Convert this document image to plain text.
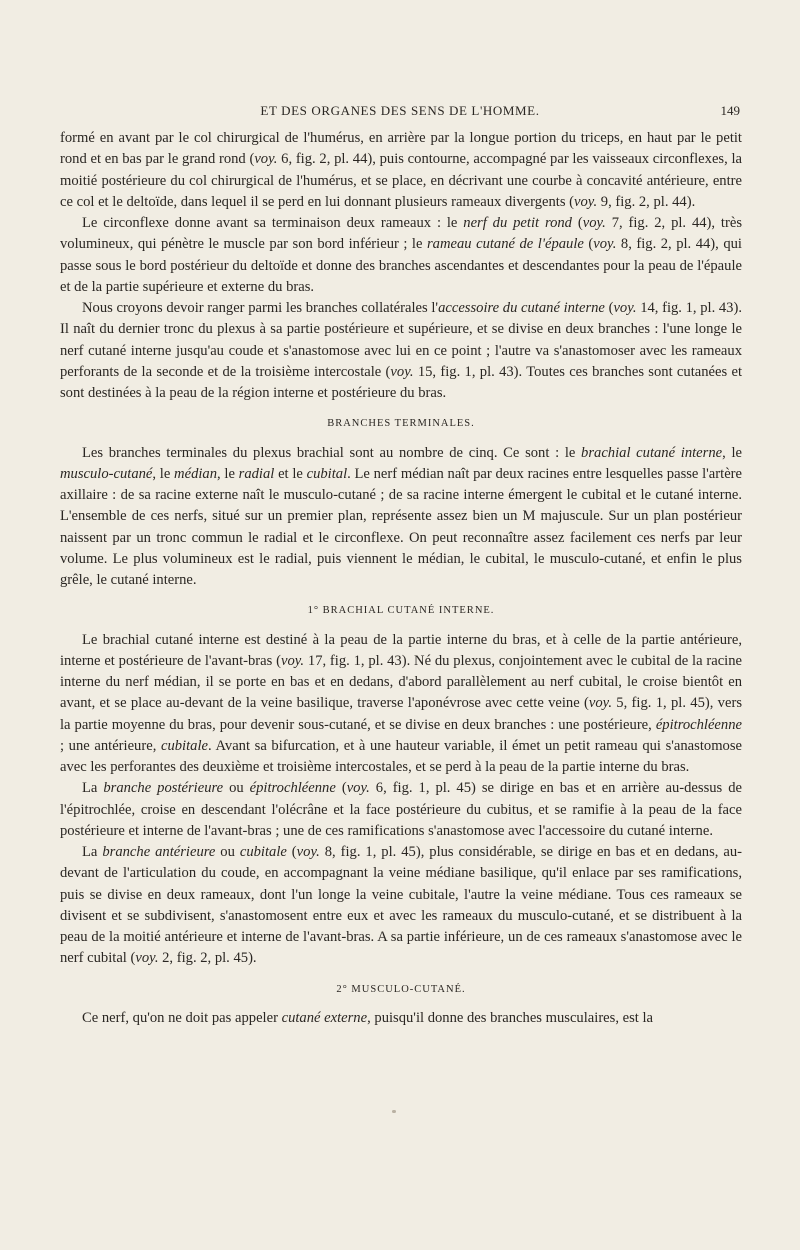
ET DES ORGANES DES SENS DE L'HOMME.	149

formé en avant par le col chirurgical de l'humérus, en arrière par la longue portion du triceps, en haut par le petit rond et en bas par le grand rond (voy. 6, fig. 2, pl. 44), puis contourne, accompagné par les vaisseaux circonflexes, la moitié postérieure du col chirurgical de l'humérus, et se place, en décrivant une courbe à concavité antérieure, entre ce col et le deltoïde, dans lequel il se perd en lui donnant plusieurs rameaux divergents (voy. 9, fig. 2, pl. 44).

Le circonflexe donne avant sa terminaison deux rameaux : le nerf du petit rond (voy. 7, fig. 2, pl. 44), très volumineux, qui pénètre le muscle par son bord inférieur ; le rameau cutané de l'épaule (voy. 8, fig. 2, pl. 44), qui passe sous le bord postérieur du deltoïde et donne des branches ascendantes et descendantes pour la peau de l'épaule et de la partie supérieure et externe du bras.

Nous croyons devoir ranger parmi les branches collatérales l'accessoire du cutané interne (voy. 14, fig. 1, pl. 43). Il naît du dernier tronc du plexus à sa partie postérieure et supérieure, et se divise en deux branches : l'une longe le nerf cutané interne jusqu'au coude et s'anastomose avec lui en ce point ; l'autre va s'anastomoser avec les rameaux perforants de la seconde et de la troisième intercostale (voy. 15, fig. 1, pl. 43). Toutes ces branches sont cutanées et sont destinées à la peau de la région interne et postérieure du bras.

BRANCHES TERMINALES.

Les branches terminales du plexus brachial sont au nombre de cinq. Ce sont : le brachial cutané interne, le musculo-cutané, le médian, le radial et le cubital. Le nerf médian naît par deux racines entre lesquelles passe l'artère axillaire : de sa racine externe naît le musculo-cutané ; de sa racine interne émergent le cubital et le cutané interne. L'ensemble de ces nerfs, situé sur un premier plan, représente assez bien un M majuscule. Sur un plan postérieur naissent par un tronc commun le radial et le circonflexe. On peut reconnaître assez facilement ces nerfs par leur volume. Le plus volumineux est le radial, puis viennent le médian, le cubital, le musculo-cutané, et enfin le plus grêle, le cutané interne.

1° BRACHIAL CUTANÉ INTERNE.

Le brachial cutané interne est destiné à la peau de la partie interne du bras, et à celle de la partie antérieure, interne et postérieure de l'avant-bras (voy. 17, fig. 1, pl. 43). Né du plexus, conjointement avec le cubital de la racine interne du nerf médian, il se porte en bas et en dedans, d'abord parallèlement au nerf cubital, le croise bientôt en avant, et se place au-devant de la veine basilique, traverse l'aponévrose avec cette veine (voy. 5, fig. 1, pl. 45), vers la partie moyenne du bras, pour devenir sous-cutané, et se divise en deux branches : une postérieure, épitrochléenne ; une antérieure, cubitale. Avant sa bifurcation, et à une hauteur variable, il émet un petit rameau qui s'anastomose avec les perforantes des deuxième et troisième intercostales, et se perd à la peau de la partie interne du bras.

La branche postérieure ou épitrochléenne (voy. 6, fig. 1, pl. 45) se dirige en bas et en arrière au-dessus de l'épitrochlée, croise en descendant l'olécrâne et la face postérieure du cubitus, et se ramifie à la peau de la face postérieure et interne de l'avant-bras ; une de ces ramifications s'anastomose avec l'accessoire du cutané interne.

La branche antérieure ou cubitale (voy. 8, fig. 1, pl. 45), plus considérable, se dirige en bas et en dedans, au-devant de l'articulation du coude, en accompagnant la veine médiane basilique, qu'il enlace par ses ramifications, puis se divise en deux rameaux, dont l'un longe la veine cubitale, l'autre la veine médiane. Tous ces rameaux se divisent et se subdivisent, s'anastomosent entre eux et avec les rameaux du musculo-cutané, et se distribuent à la peau de la moitié antérieure et interne de l'avant-bras. A sa partie inférieure, un de ces rameaux s'anastomose avec le nerf cubital (voy. 2, fig. 2, pl. 45).

2° MUSCULO-CUTANÉ.

Ce nerf, qu'on ne doit pas appeler cutané externe, puisqu'il donne des branches musculaires, est la
